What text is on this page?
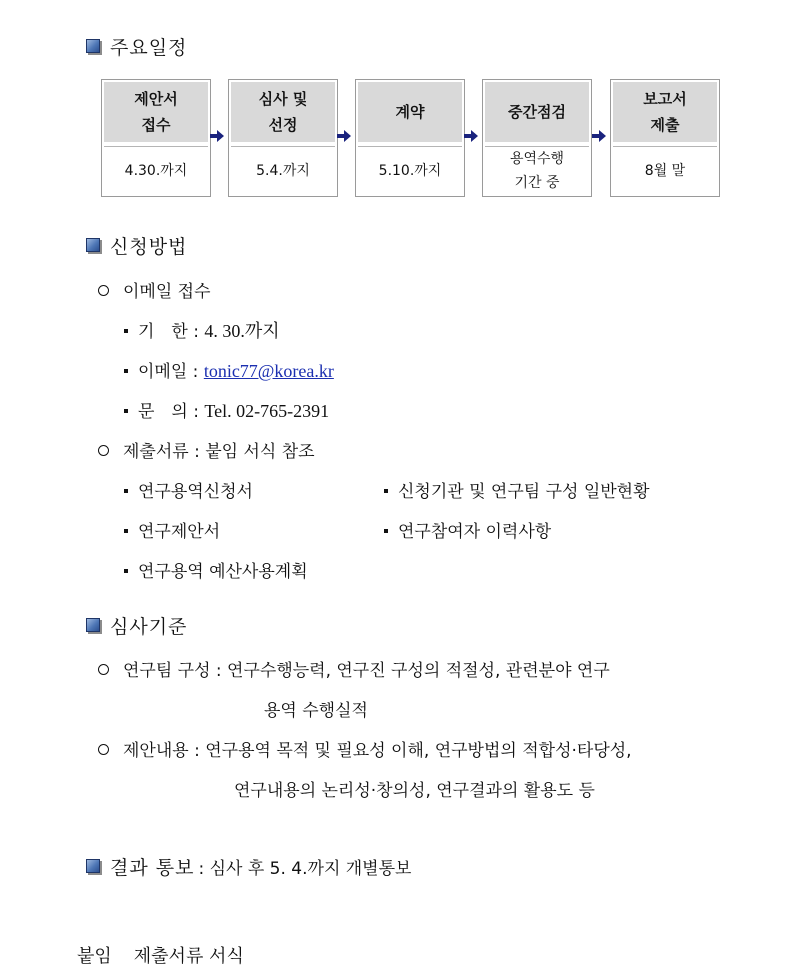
주요일정
제안서
접수
4.30.까지
심사 및
선정
5.4.까지
계약
5.10.까지
중간점검
용역수행
기간 중
보고서
제출
8월 말
신청방법
이메일 접수
기　한 : 4. 30.까지
이메일 : tonic77@korea.kr
문　의 : Tel. 02-765-2391
제출서류 : 붙임 서식 참조
연구용역신청서	신청기관 및 연구팀 구성 일반현황
연구제안서	연구참여자 이력사항
연구용역 예산사용계획
심사기준
연구팀 구성 : 연구수행능력, 연구진 구성의 적절성, 관련분야 연구
용역 수행실적
제안내용 : 연구용역 목적 및 필요성 이해, 연구방법의 적합성·타당성,
연구내용의 논리성·창의성, 연구결과의 활용도 등
결과 통보 : 심사 후 5. 4.까지 개별통보
붙임 제출서류 서식
